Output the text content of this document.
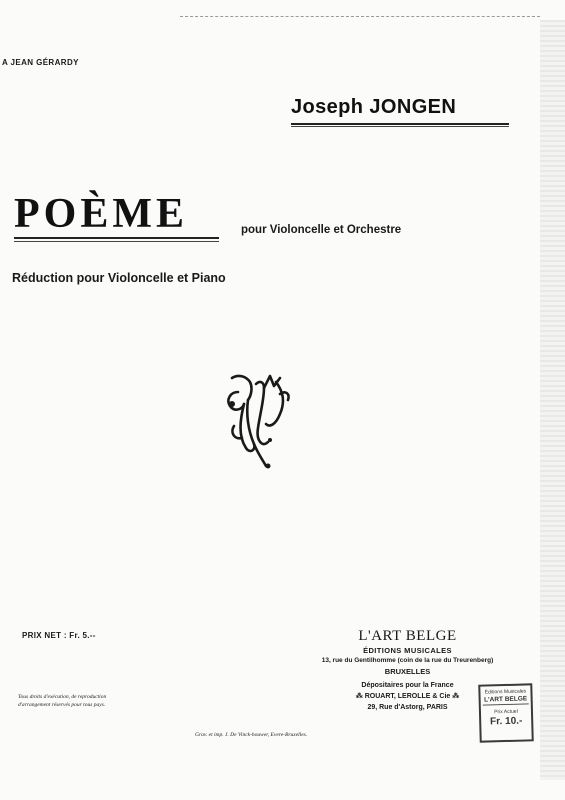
A JEAN GÉRARDY
Joseph JONGEN
POÈME	pour Violoncelle et Orchestre
Réduction pour Violoncelle et Piano
PRIX NET : Fr. 5.--
Tous droits d'exécution, de reproduction
d'arrangement réservés pour tous pays.
Grav. et imp. J. De Vinck-houwer, Evere-Bruxelles.
L'ART BELGE
ÉDITIONS MUSICALES
13, rue du Gentilhomme (coin de la rue du Treurenberg)
BRUXELLES
Dépositaires pour la France
⁂ ROUART, LEROLLE & Cie ⁂
29, Rue d'Astorg, PARIS
Éditions Musicales
L'ART BELGE
Prix Actuel
Fr. 10.-
